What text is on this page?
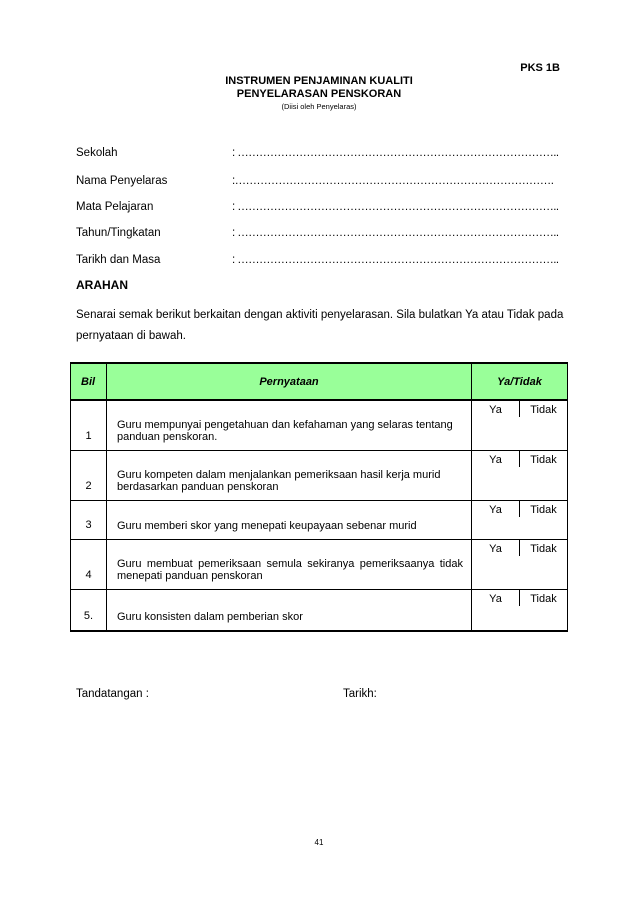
PKS 1B
INSTRUMEN PENJAMINAN KUALITI
PENYELARASAN PENSKORAN
(Diisi oleh Penyelaras)
Sekolah	: ……………………………………………………………………………..
Nama Penyelaras	:…………………………………………………………………………….
Mata Pelajaran	: ……………………………………………………………………………..
Tahun/Tingkatan	: ……………………………………………………………………………..
Tarikh dan Masa	: ……………………………………………………………………………..
ARAHAN
Senarai semak berikut berkaitan dengan aktiviti penyelarasan. Sila bulatkan Ya atau Tidak pada pernyataan di bawah.
Bil	Pernyataan	Ya/Tidak
1	Guru mempunyai pengetahuan dan kefahaman yang selaras tentang panduan penskoran.	Ya Tidak

2	Guru kompeten dalam menjalankan pemeriksaan hasil kerja murid berdasarkan panduan penskoran	Ya Tidak

3	Guru memberi skor yang menepati keupayaan sebenar murid	Ya Tidak

4	Guru membuat pemeriksaan semula sekiranya pemeriksaanya tidak menepati panduan penskoran	Ya Tidak

5.	Guru konsisten dalam pemberian skor	Ya Tidak
Tandatangan :	Tarikh:
41
